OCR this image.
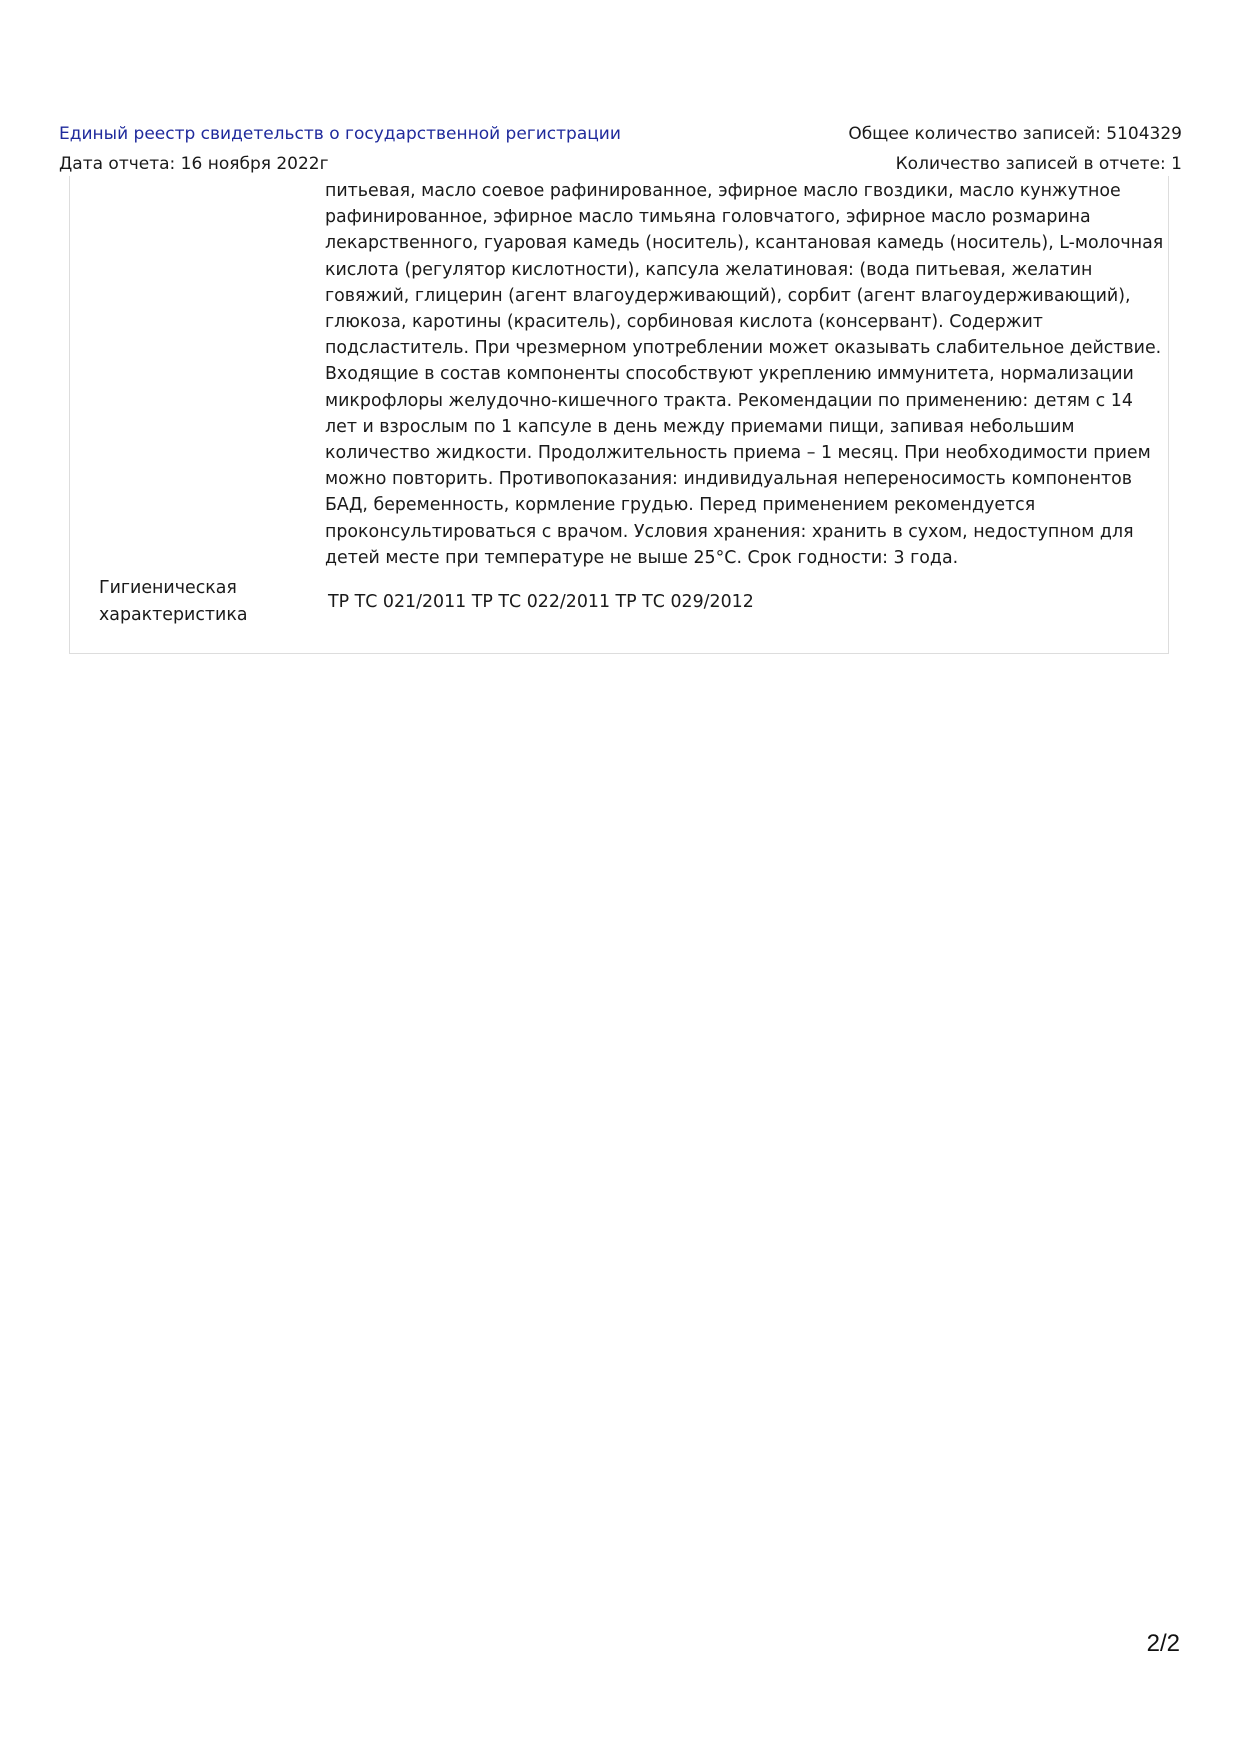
Единый реестр свидетельств о государственной регистрации	Общее количество записей: 5104329
Дата отчета: 16 ноября 2022г	Количество записей в отчете: 1

питьевая, масло соевое рафинированное, эфирное масло гвоздики, масло кунжутное рафинированное, эфирное масло тимьяна головчатого, эфирное масло розмарина лекарственного, гуаровая камедь (носитель), ксантановая камедь (носитель), L-молочная кислота (регулятор кислотности), капсула желатиновая: (вода питьевая, желатин говяжий, глицерин (агент влагоудерживающий), сорбит (агент влагоудерживающий), глюкоза, каротины (краситель), сорбиновая кислота (консервант). Содержит подсластитель. При чрезмерном употреблении может оказывать слабительное действие. Входящие в состав компоненты способствуют укреплению иммунитета, нормализации микрофлоры желудочно-кишечного тракта. Рекомендации по применению: детям с 14 лет и взрослым по 1 капсуле в день между приемами пищи, запивая небольшим количество жидкости. Продолжительность приема – 1 месяц. При необходимости прием можно повторить. Противопоказания: индивидуальная непереносимость компонентов БАД, беременность, кормление грудью. Перед применением рекомендуется проконсультироваться с врачом. Условия хранения: хранить в сухом, недоступном для детей месте при температуре не выше 25°С. Срок годности: 3 года.

Гигиеническая характеристика
ТР ТС 021/2011 ТР ТС 022/2011 ТР ТС 029/2012
2/2
